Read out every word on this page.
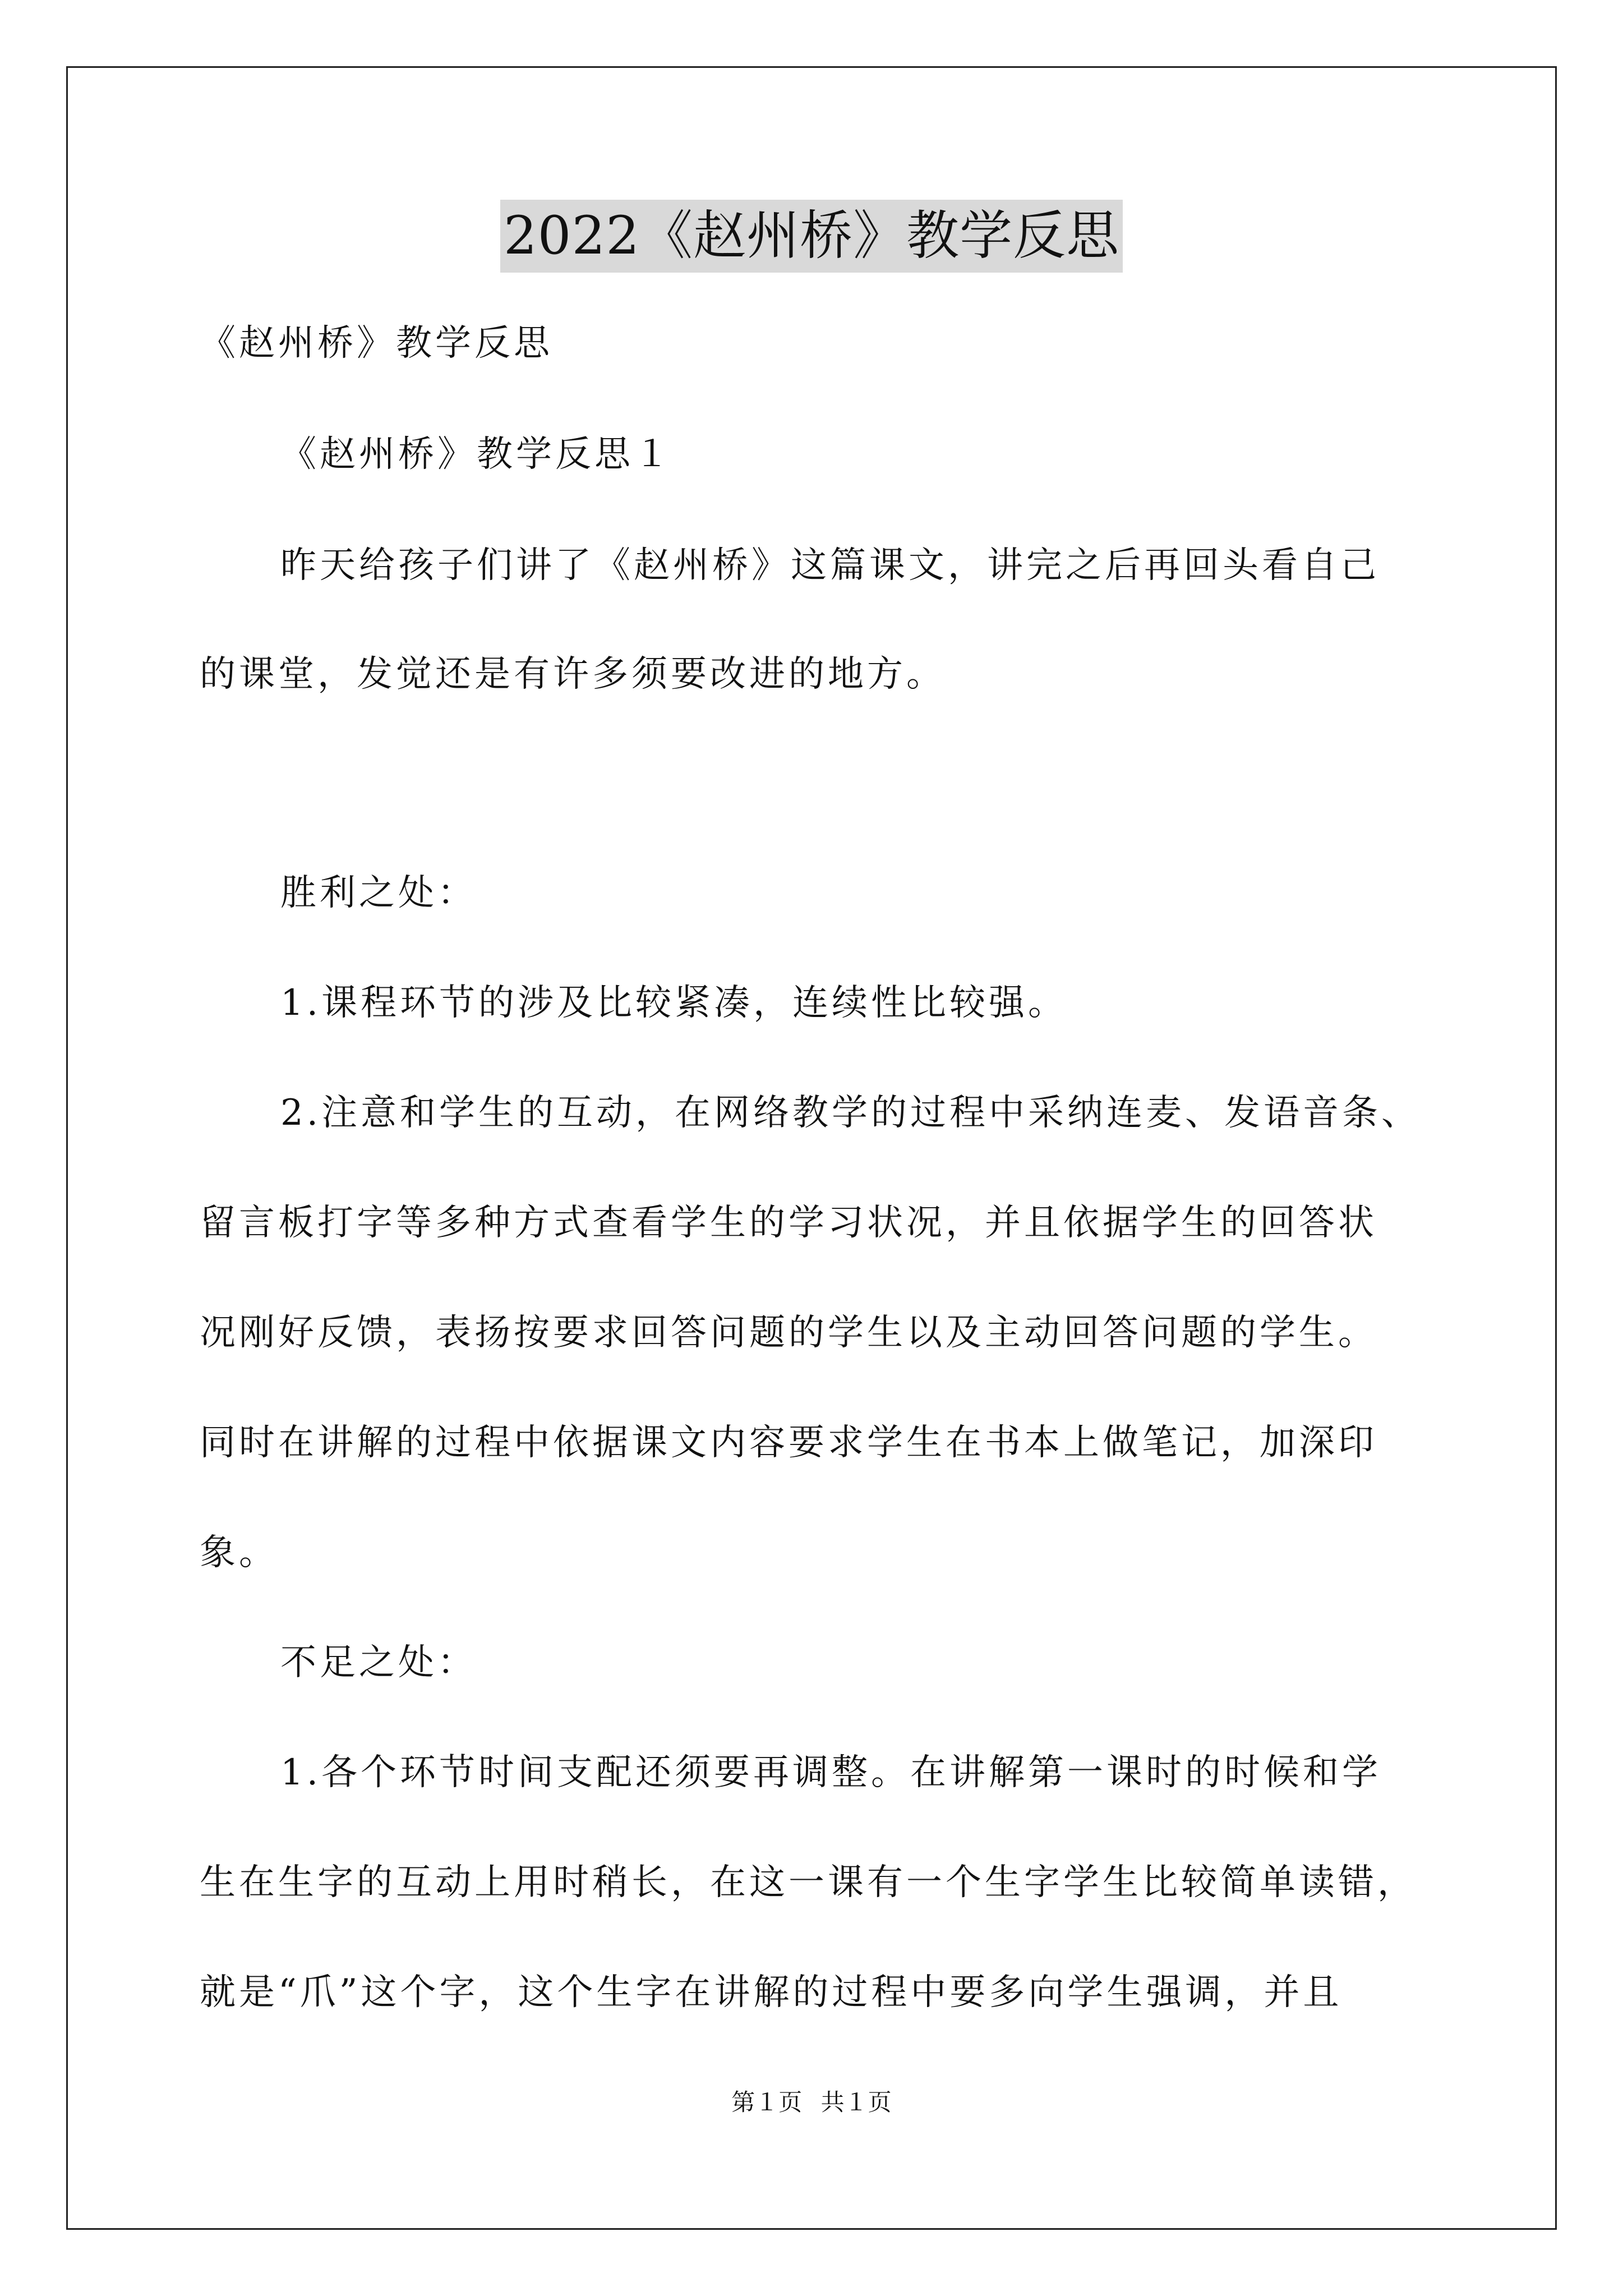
2022《赵州桥》教学反思
《赵州桥》教学反思
《赵州桥》教学反思１
昨天给孩子们讲了《赵州桥》这篇课文，讲完之后再回头看自己
的课堂，发觉还是有许多须要改进的地方。
胜利之处：
1.课程环节的涉及比较紧凑，连续性比较强。
2.注意和学生的互动，在网络教学的过程中采纳连麦、发语音条、
留言板打字等多种方式查看学生的学习状况，并且依据学生的回答状
况刚好反馈，表扬按要求回答问题的学生以及主动回答问题的学生。
同时在讲解的过程中依据课文内容要求学生在书本上做笔记，加深印
象。
不足之处：
1.各个环节时间支配还须要再调整。在讲解第一课时的时候和学
生在生字的互动上用时稍长，在这一课有一个生字学生比较简单读错，
就是“爪”这个字，这个生字在讲解的过程中要多向学生强调，并且
第１页 共１页
